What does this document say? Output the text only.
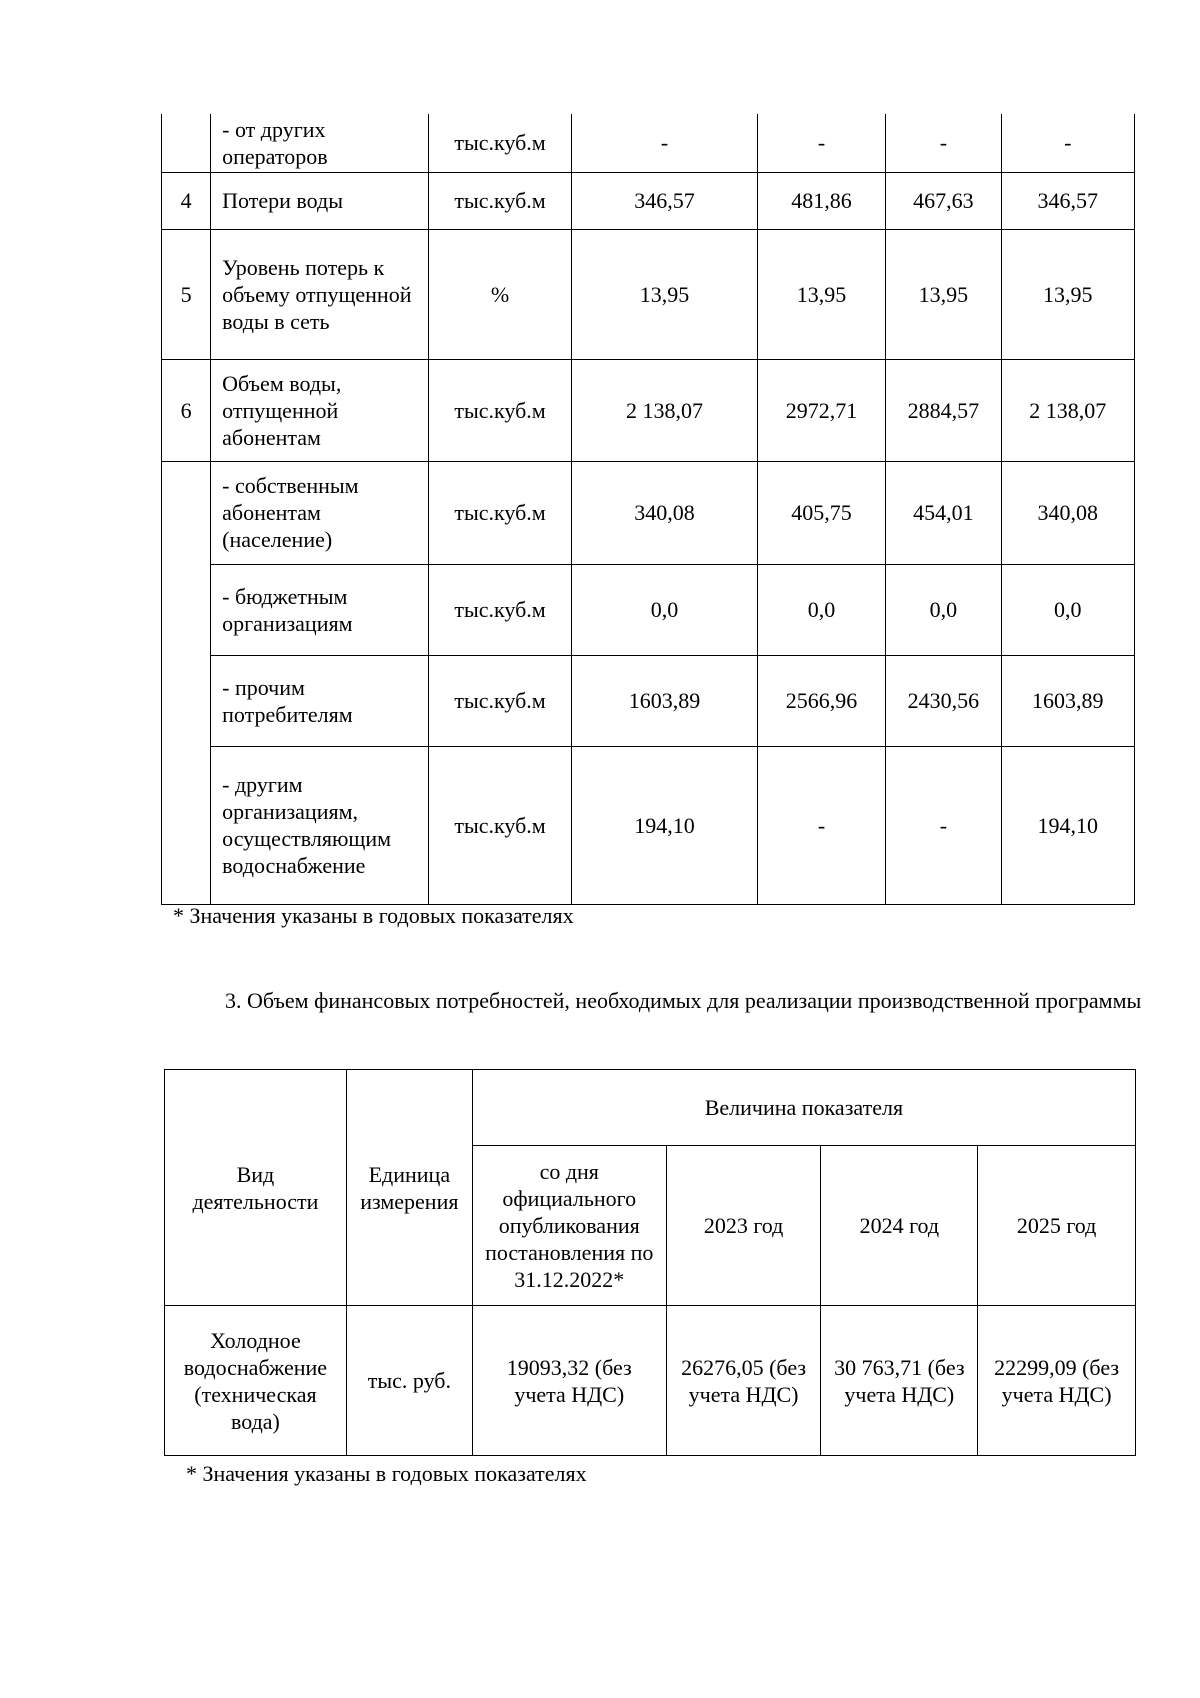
	- от других операторов	тыс.куб.м	-	-	-	-
4	Потери воды	тыс.куб.м	346,57	481,86	467,63	346,57
5	Уровень потерь к объему отпущенной воды в сеть	%	13,95	13,95	13,95	13,95
6	Объем воды, отпущенной абонентам	тыс.куб.м	2 138,07	2972,71	2884,57	2 138,07
	- собственным абонентам (население)	тыс.куб.м	340,08	405,75	454,01	340,08
	- бюджетным организациям	тыс.куб.м	0,0	0,0	0,0	0,0
	- прочим потребителям	тыс.куб.м	1603,89	2566,96	2430,56	1603,89
	- другим организациям, осуществляющим водоснабжение	тыс.куб.м	194,10	-	-	194,10
* Значения указаны в годовых показателях
3. Объем финансовых потребностей, необходимых для реализации производственной программы
Вид деятельности	Единица измерения	Величина показателя			
		со дня официального опубликования постановления по 31.12.2022*	2023 год	2024 год	2025 год
Холодное водоснабжение (техническая вода)	тыс. руб.	19093,32 (без учета НДС)	26276,05 (без учета НДС)	30 763,71 (без учета НДС)	22299,09 (без учета НДС)
* Значения указаны в годовых показателях
